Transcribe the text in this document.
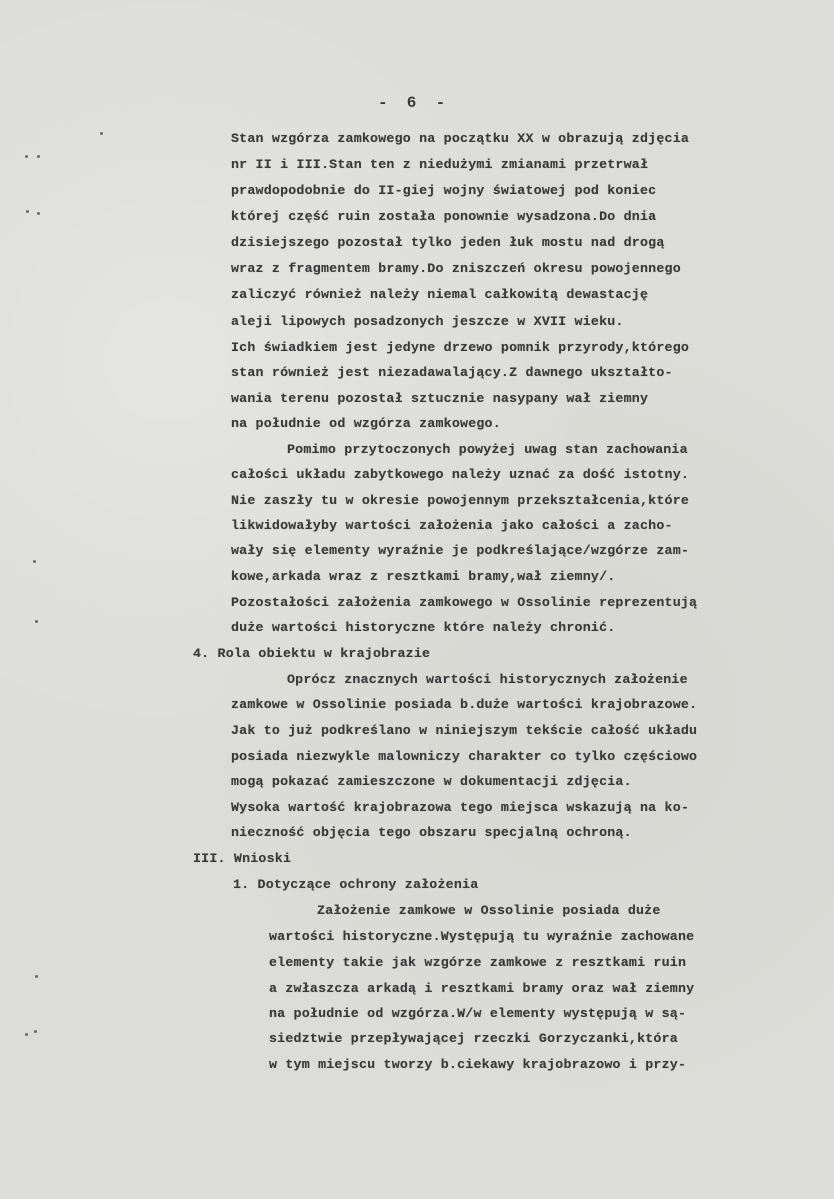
-  6  -
Stan wzgórza zamkowego na początku XX w obrazują zdjęcia
nr II i III.Stan ten z niedużymi zmianami przetrwał
prawdopodobnie do II-giej wojny światowej pod koniec
której część ruin została ponownie wysadzona.Do dnia
dzisiejszego pozostał tylko jeden łuk mostu nad drogą
wraz z fragmentem bramy.Do zniszczeń okresu powojennego
zaliczyć również należy niemal całkowitą dewastację
aleji lipowych posadzonych jeszcze w XVII wieku.
Ich świadkiem jest jedyne drzewo pomnik przyrody,którego
stan również jest niezadawalający.Z dawnego ukształto-
wania terenu pozostał sztucznie nasypany wał ziemny
na południe od wzgórza zamkowego.
Pomimo przytoczonych powyżej uwag stan zachowania
całości układu zabytkowego należy uznać za dość istotny.
Nie zaszły tu w okresie powojennym przekształcenia,które
likwidowałyby wartości założenia jako całości a zacho-
wały się elementy wyraźnie je podkreślające/wzgórze zam-
kowe,arkada wraz z resztkami bramy,wał ziemny/.
Pozostałości założenia zamkowego w Ossolinie reprezentują
duże wartości historyczne które należy chronić.
4. Rola obiektu w krajobrazie
Oprócz znacznych wartości historycznych założenie
zamkowe w Ossolinie posiada b.duże wartości krajobrazowe.
Jak to już podkreślano w niniejszym tekście całość układu
posiada niezwykle malowniczy charakter co tylko częściowo
mogą pokazać zamieszczone w dokumentacji zdjęcia.
Wysoka wartość krajobrazowa tego miejsca wskazują na ko-
nieczność objęcia tego obszaru specjalną ochroną.
III. Wnioski
1. Dotyczące ochrony założenia
Założenie zamkowe w Ossolinie posiada duże
wartości historyczne.Występują tu wyraźnie zachowane
elementy takie jak wzgórze zamkowe z resztkami ruin
a zwłaszcza arkadą i resztkami bramy oraz wał ziemny
na południe od wzgórza.W/w elementy występują w są-
siedztwie przepływającej rzeczki Gorzyczanki,która
w tym miejscu tworzy b.ciekawy krajobrazowo i przy-
